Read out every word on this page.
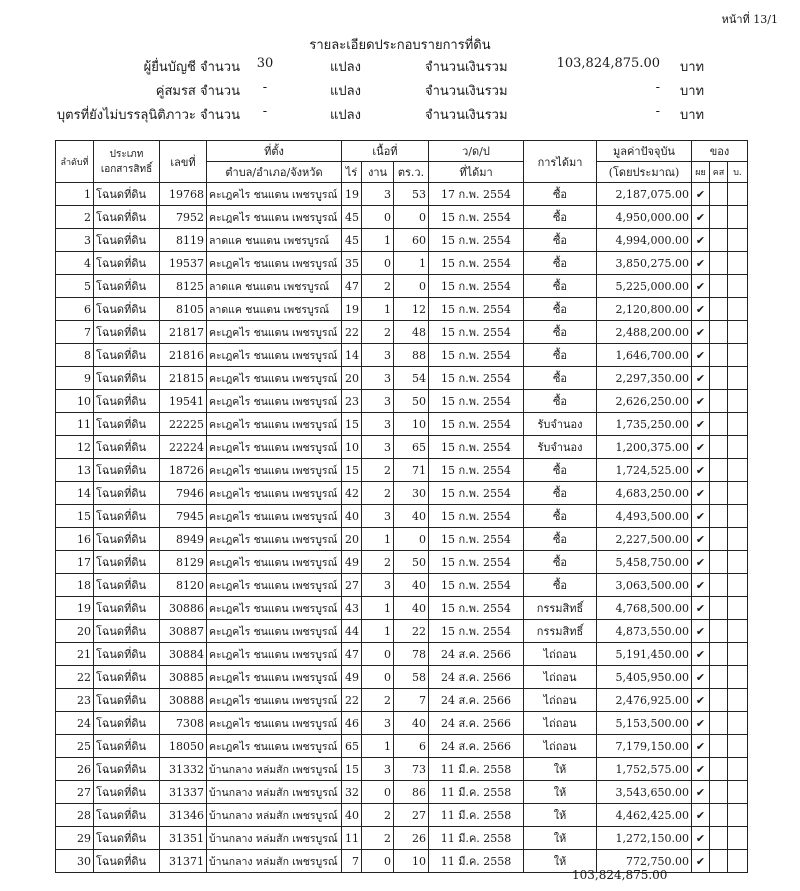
หน้าที่ 13/1
รายละเอียดประกอบรายการที่ดิน
ผู้ยื่นบัญชี จำนวน 30	แปลง	จำนวนเงินรวม	103,824,875.00 บาท
คู่สมรส จำนวน	-	แปลง	จำนวนเงินรวม	- บาท
บุตรที่ยังไม่บรรลุนิติภาวะ จำนวน	-	แปลง	จำนวนเงินรวม	- บาท
ลำดับที่	ประเภทเอกสารสิทธิ์	เลขที่	ที่ตั้ง	เนื้อที่			ว/ด/ป	การได้มา	มูลค่าปัจจุบัน	ของ		
			ตำบล/อำเภอ/จังหวัด	ไร่	งาน	ตร.ว.	ที่ได้มา		(โดยประมาณ)	ผย	คส	บ.
1	โฉนดที่ดิน	19768	คะเฎคไร ชนแดน เพชรบูรณ์	19	3	53	17 ก.พ. 2554	ซื้อ	2,187,075.00	✔		
2	โฉนดที่ดิน	7952	คะเฎคไร ชนแดน เพชรบูรณ์	45	0	0	15 ก.พ. 2554	ซื้อ	4,950,000.00	✔		
3	โฉนดที่ดิน	8119	ลาดแค ชนแดน เพชรบูรณ์	45	1	60	15 ก.พ. 2554	ซื้อ	4,994,000.00	✔		
4	โฉนดที่ดิน	19537	คะเฎคไร ชนแดน เพชรบูรณ์	35	0	1	15 ก.พ. 2554	ซื้อ	3,850,275.00	✔		
5	โฉนดที่ดิน	8125	ลาดแค ชนแดน เพชรบูรณ์	47	2	0	15 ก.พ. 2554	ซื้อ	5,225,000.00	✔		
6	โฉนดที่ดิน	8105	ลาดแค ชนแดน เพชรบูรณ์	19	1	12	15 ก.พ. 2554	ซื้อ	2,120,800.00	✔		
7	โฉนดที่ดิน	21817	คะเฎคไร ชนแดน เพชรบูรณ์	22	2	48	15 ก.พ. 2554	ซื้อ	2,488,200.00	✔		
8	โฉนดที่ดิน	21816	คะเฎคไร ชนแดน เพชรบูรณ์	14	3	88	15 ก.พ. 2554	ซื้อ	1,646,700.00	✔		
9	โฉนดที่ดิน	21815	คะเฎคไร ชนแดน เพชรบูรณ์	20	3	54	15 ก.พ. 2554	ซื้อ	2,297,350.00	✔		
10	โฉนดที่ดิน	19541	คะเฎคไร ชนแดน เพชรบูรณ์	23	3	50	15 ก.พ. 2554	ซื้อ	2,626,250.00	✔		
11	โฉนดที่ดิน	22225	คะเฎคไร ชนแดน เพชรบูรณ์	15	3	10	15 ก.พ. 2554	รับจำนอง	1,735,250.00	✔		
12	โฉนดที่ดิน	22224	คะเฎคไร ชนแดน เพชรบูรณ์	10	3	65	15 ก.พ. 2554	รับจำนอง	1,200,375.00	✔		
13	โฉนดที่ดิน	18726	คะเฎคไร ชนแดน เพชรบูรณ์	15	2	71	15 ก.พ. 2554	ซื้อ	1,724,525.00	✔		
14	โฉนดที่ดิน	7946	คะเฎคไร ชนแดน เพชรบูรณ์	42	2	30	15 ก.พ. 2554	ซื้อ	4,683,250.00	✔		
15	โฉนดที่ดิน	7945	คะเฎคไร ชนแดน เพชรบูรณ์	40	3	40	15 ก.พ. 2554	ซื้อ	4,493,500.00	✔		
16	โฉนดที่ดิน	8949	คะเฎคไร ชนแดน เพชรบูรณ์	20	1	0	15 ก.พ. 2554	ซื้อ	2,227,500.00	✔		
17	โฉนดที่ดิน	8129	คะเฎคไร ชนแดน เพชรบูรณ์	49	2	50	15 ก.พ. 2554	ซื้อ	5,458,750.00	✔		
18	โฉนดที่ดิน	8120	คะเฎคไร ชนแดน เพชรบูรณ์	27	3	40	15 ก.พ. 2554	ซื้อ	3,063,500.00	✔		
19	โฉนดที่ดิน	30886	คะเฎคไร ชนแดน เพชรบูรณ์	43	1	40	15 ก.พ. 2554	กรรมสิทธิ์	4,768,500.00	✔		
20	โฉนดที่ดิน	30887	คะเฎคไร ชนแดน เพชรบูรณ์	44	1	22	15 ก.พ. 2554	กรรมสิทธิ์	4,873,550.00	✔		
21	โฉนดที่ดิน	30884	คะเฎคไร ชนแดน เพชรบูรณ์	47	0	78	24 ส.ค. 2566	ไถ่ถอน	5,191,450.00	✔		
22	โฉนดที่ดิน	30885	คะเฎคไร ชนแดน เพชรบูรณ์	49	0	58	24 ส.ค. 2566	ไถ่ถอน	5,405,950.00	✔		
23	โฉนดที่ดิน	30888	คะเฎคไร ชนแดน เพชรบูรณ์	22	2	7	24 ส.ค. 2566	ไถ่ถอน	2,476,925.00	✔		
24	โฉนดที่ดิน	7308	คะเฎคไร ชนแดน เพชรบูรณ์	46	3	40	24 ส.ค. 2566	ไถ่ถอน	5,153,500.00	✔		
25	โฉนดที่ดิน	18050	คะเฎคไร ชนแดน เพชรบูรณ์	65	1	6	24 ส.ค. 2566	ไถ่ถอน	7,179,150.00	✔		
26	โฉนดที่ดิน	31332	บ้านกลาง หล่มสัก เพชรบูรณ์	15	3	73	11 มี.ค. 2558	ให้	1,752,575.00	✔		
27	โฉนดที่ดิน	31337	บ้านกลาง หล่มสัก เพชรบูรณ์	32	0	86	11 มี.ค. 2558	ให้	3,543,650.00	✔		
28	โฉนดที่ดิน	31346	บ้านกลาง หล่มสัก เพชรบูรณ์	40	2	27	11 มี.ค. 2558	ให้	4,462,425.00	✔		
29	โฉนดที่ดิน	31351	บ้านกลาง หล่มสัก เพชรบูรณ์	11	2	26	11 มี.ค. 2558	ให้	1,272,150.00	✔		
30	โฉนดที่ดิน	31371	บ้านกลาง หล่มสัก เพชรบูรณ์	7	0	10	11 มี.ค. 2558	ให้	772,750.00	✔		
103,824,875.00
